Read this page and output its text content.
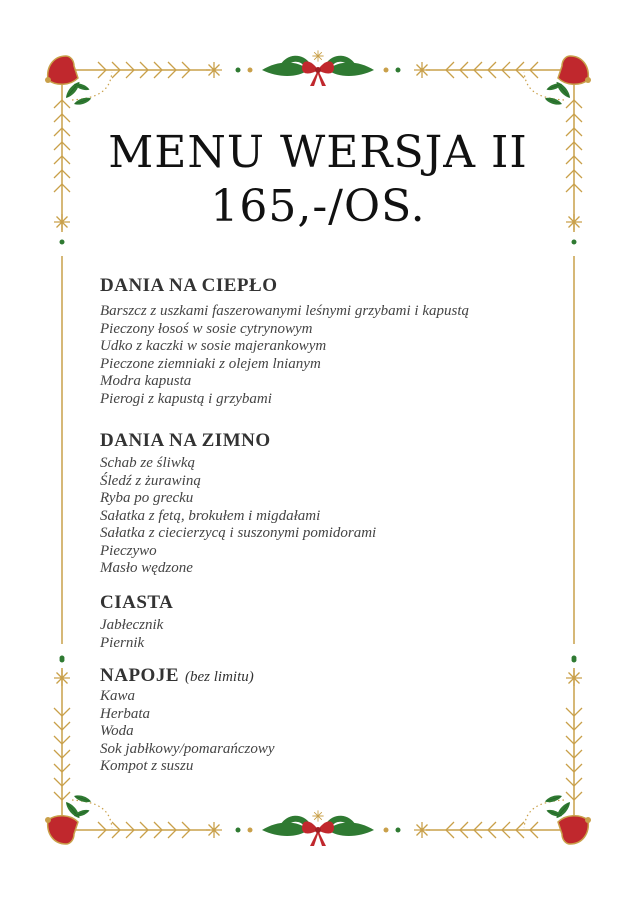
MENU WERSJA II
165,-/OS.
DANIA NA CIEPŁO
Barszcz z uszkami faszerowanymi leśnymi grzybami i kapustą
Pieczony łosoś w sosie cytrynowym
Udko z kaczki w sosie majerankowym
Pieczone ziemniaki z olejem lnianym
Modra kapusta
Pierogi z kapustą i grzybami
DANIA NA ZIMNO
Schab ze śliwką
Śledź z żurawiną
Ryba po grecku
Sałatka z fetą, brokułem i migdałami
Sałatka z ciecierzycą i suszonymi pomidorami
Pieczywo
Masło wędzone
CIASTA
Jabłecznik
Piernik
NAPOJE (bez limitu)
Kawa
Herbata
Woda
Sok jabłkowy/pomarańczowy
Kompot z suszu
